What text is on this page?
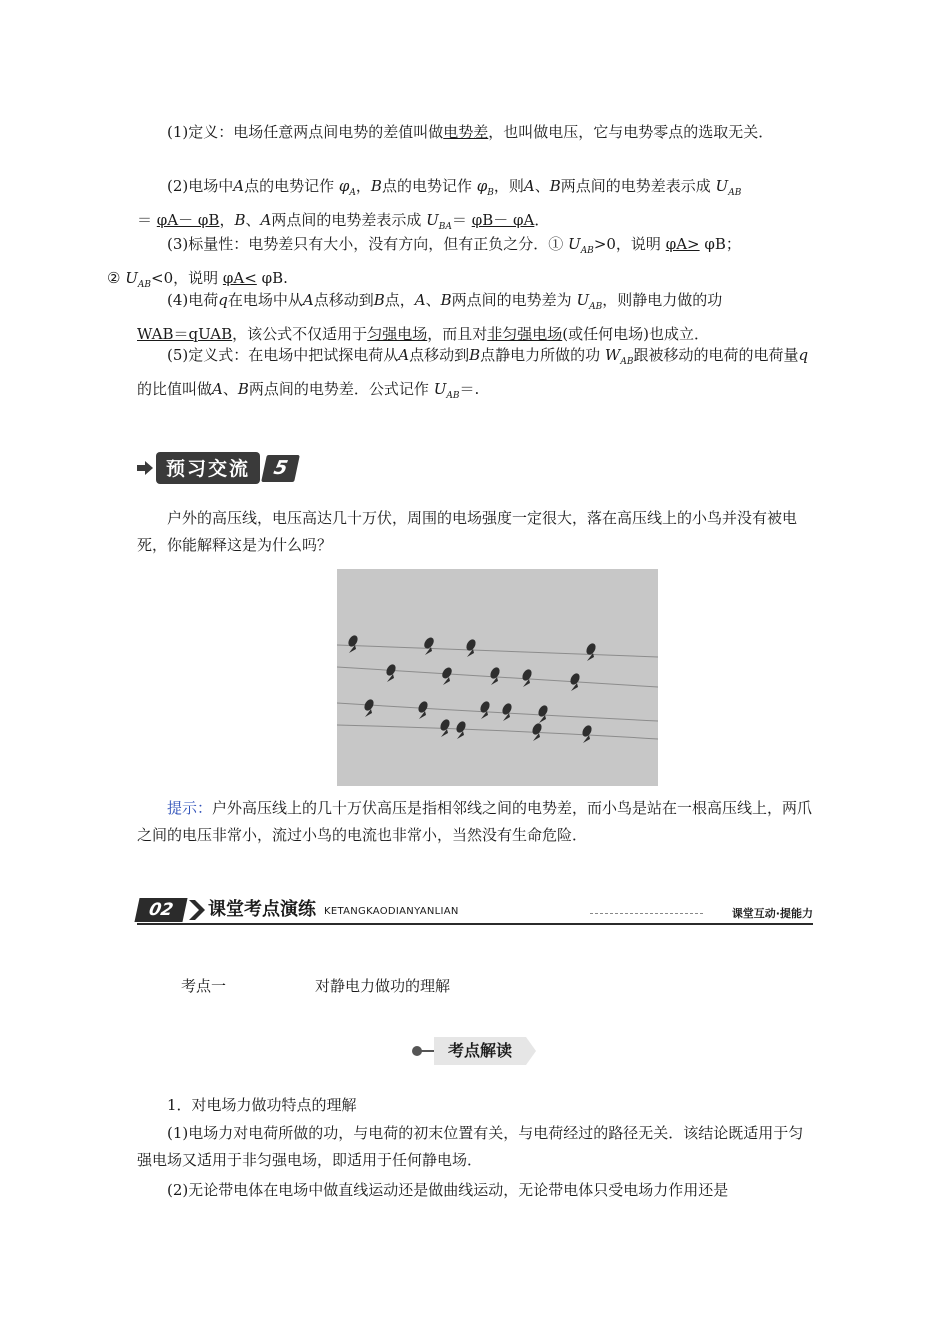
(1)定义：电场任意两点间电势的差值叫做电势差，也叫做电压，它与电势零点的选取无关．

(2)电场中A点的电势记作 $\varphi_A$，B点的电势记作 $\varphi_B$，则A、B两点间的电势差表示成 $U_{AB}$
＝ φA－ φB，B、A两点间的电势差表示成 $U_{BA}= \varphi B- \varphi A$．

(3)标量性：电势差只有大小，没有方向，但有正负之分．① $U_{AB}>0$，说明 φA> φB；
② $U_{AB}<0$，说明 φA< φB.

(4)电荷q在电场中从A点移动到B点，A、B两点间的电势差为 $U_{AB}$，则静电力做的功
WAB＝qUAB，该公式不仅适用于匀强电场，而且对非匀强电场(或任何电场)也成立．

(5)定义式：在电场中把试探电荷从A点移动到B点静电力所做的功 $W_{AB}$跟被移动的电荷的电荷量q的比值叫做A、B两点间的电势差．公式记作 $U_{AB}=$.

预习交流	5

户外的高压线，电压高达几十万伏，周围的电场强度一定很大，落在高压线上的小鸟并没有被电死，你能解释这是为什么吗？

提示：户外高压线上的几十万伏高压是指相邻线之间的电势差，而小鸟是站在一根高压线上，两爪之间的电压非常小，流过小鸟的电流也非常小，当然没有生命危险．

02	课堂考点演练 KETANGKAODIANYANLIAN	课堂互动·提能力
考点一	对静电力做功的理解
考点解读

1．对电场力做功特点的理解

(1)电场力对电荷所做的功，与电荷的初末位置有关，与电荷经过的路径无关．该结论既适用于匀强电场又适用于非匀强电场，即适用于任何静电场．

(2)无论带电体在电场中做直线运动还是做曲线运动，无论带电体只受电场力作用还是
